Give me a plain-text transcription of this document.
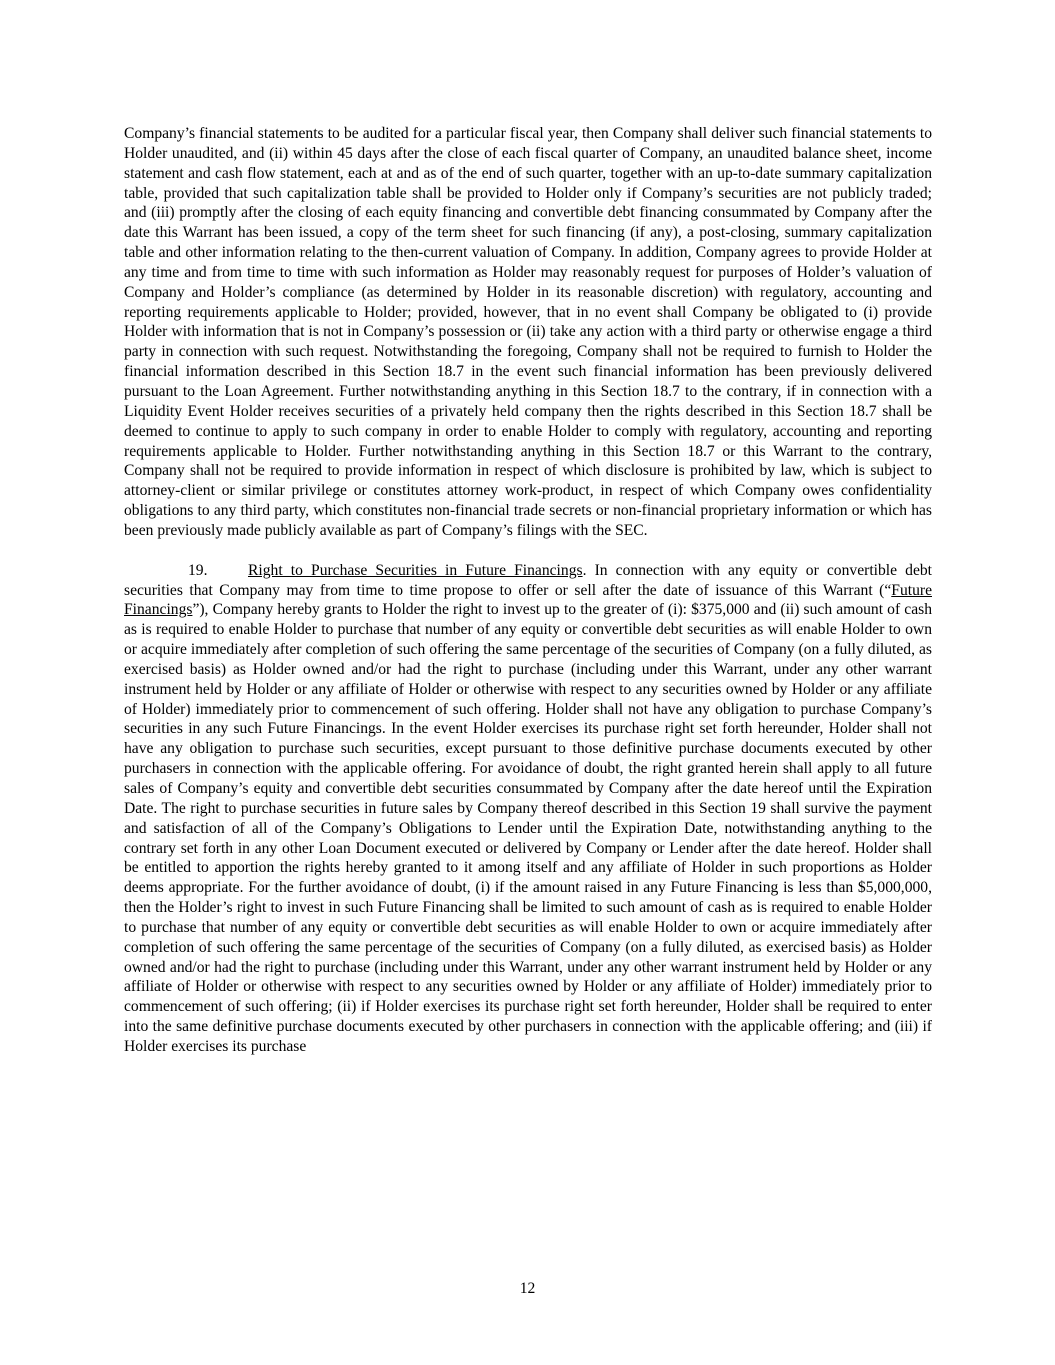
Company’s financial statements to be audited for a particular fiscal year, then Company shall deliver such financial statements to Holder unaudited, and (ii) within 45 days after the close of each fiscal quarter of Company, an unaudited balance sheet, income statement and cash flow statement, each at and as of the end of such quarter, together with an up-to-date summary capitalization table, provided that such capitalization table shall be provided to Holder only if Company’s securities are not publicly traded; and (iii) promptly after the closing of each equity financing and convertible debt financing consummated by Company after the date this Warrant has been issued, a copy of the term sheet for such financing (if any), a post-closing, summary capitalization table and other information relating to the then-current valuation of Company. In addition, Company agrees to provide Holder at any time and from time to time with such information as Holder may reasonably request for purposes of Holder’s valuation of Company and Holder’s compliance (as determined by Holder in its reasonable discretion) with regulatory, accounting and reporting requirements applicable to Holder; provided, however, that in no event shall Company be obligated to (i) provide Holder with information that is not in Company’s possession or (ii) take any action with a third party or otherwise engage a third party in connection with such request. Notwithstanding the foregoing, Company shall not be required to furnish to Holder the financial information described in this Section 18.7 in the event such financial information has been previously delivered pursuant to the Loan Agreement. Further notwithstanding anything in this Section 18.7 to the contrary, if in connection with a Liquidity Event Holder receives securities of a privately held company then the rights described in this Section 18.7 shall be deemed to continue to apply to such company in order to enable Holder to comply with regulatory, accounting and reporting requirements applicable to Holder. Further notwithstanding anything in this Section 18.7 or this Warrant to the contrary, Company shall not be required to provide information in respect of which disclosure is prohibited by law, which is subject to attorney-client or similar privilege or constitutes attorney work-product, in respect of which Company owes confidentiality obligations to any third party, which constitutes non-financial trade secrets or non-financial proprietary information or which has been previously made publicly available as part of Company’s filings with the SEC.

19.	Right to Purchase Securities in Future Financings. In connection with any equity or convertible debt securities that Company may from time to time propose to offer or sell after the date of issuance of this Warrant (“Future Financings”), Company hereby grants to Holder the right to invest up to the greater of (i): $375,000 and (ii) such amount of cash as is required to enable Holder to purchase that number of any equity or convertible debt securities as will enable Holder to own or acquire immediately after completion of such offering the same percentage of the securities of Company (on a fully diluted, as exercised basis) as Holder owned and/or had the right to purchase (including under this Warrant, under any other warrant instrument held by Holder or any affiliate of Holder or otherwise with respect to any securities owned by Holder or any affiliate of Holder) immediately prior to commencement of such offering. Holder shall not have any obligation to purchase Company’s securities in any such Future Financings. In the event Holder exercises its purchase right set forth hereunder, Holder shall not have any obligation to purchase such securities, except pursuant to those definitive purchase documents executed by other purchasers in connection with the applicable offering. For avoidance of doubt, the right granted herein shall apply to all future sales of Company’s equity and convertible debt securities consummated by Company after the date hereof until the Expiration Date. The right to purchase securities in future sales by Company thereof described in this Section 19 shall survive the payment and satisfaction of all of the Company’s Obligations to Lender until the Expiration Date, notwithstanding anything to the contrary set forth in any other Loan Document executed or delivered by Company or Lender after the date hereof. Holder shall be entitled to apportion the rights hereby granted to it among itself and any affiliate of Holder in such proportions as Holder deems appropriate. For the further avoidance of doubt, (i) if the amount raised in any Future Financing is less than $5,000,000, then the Holder’s right to invest in such Future Financing shall be limited to such amount of cash as is required to enable Holder to purchase that number of any equity or convertible debt securities as will enable Holder to own or acquire immediately after completion of such offering the same percentage of the securities of Company (on a fully diluted, as exercised basis) as Holder owned and/or had the right to purchase (including under this Warrant, under any other warrant instrument held by Holder or any affiliate of Holder or otherwise with respect to any securities owned by Holder or any affiliate of Holder) immediately prior to commencement of such offering; (ii) if Holder exercises its purchase right set forth hereunder, Holder shall be required to enter into the same definitive purchase documents executed by other purchasers in connection with the applicable offering; and (iii) if Holder exercises its purchase

12
